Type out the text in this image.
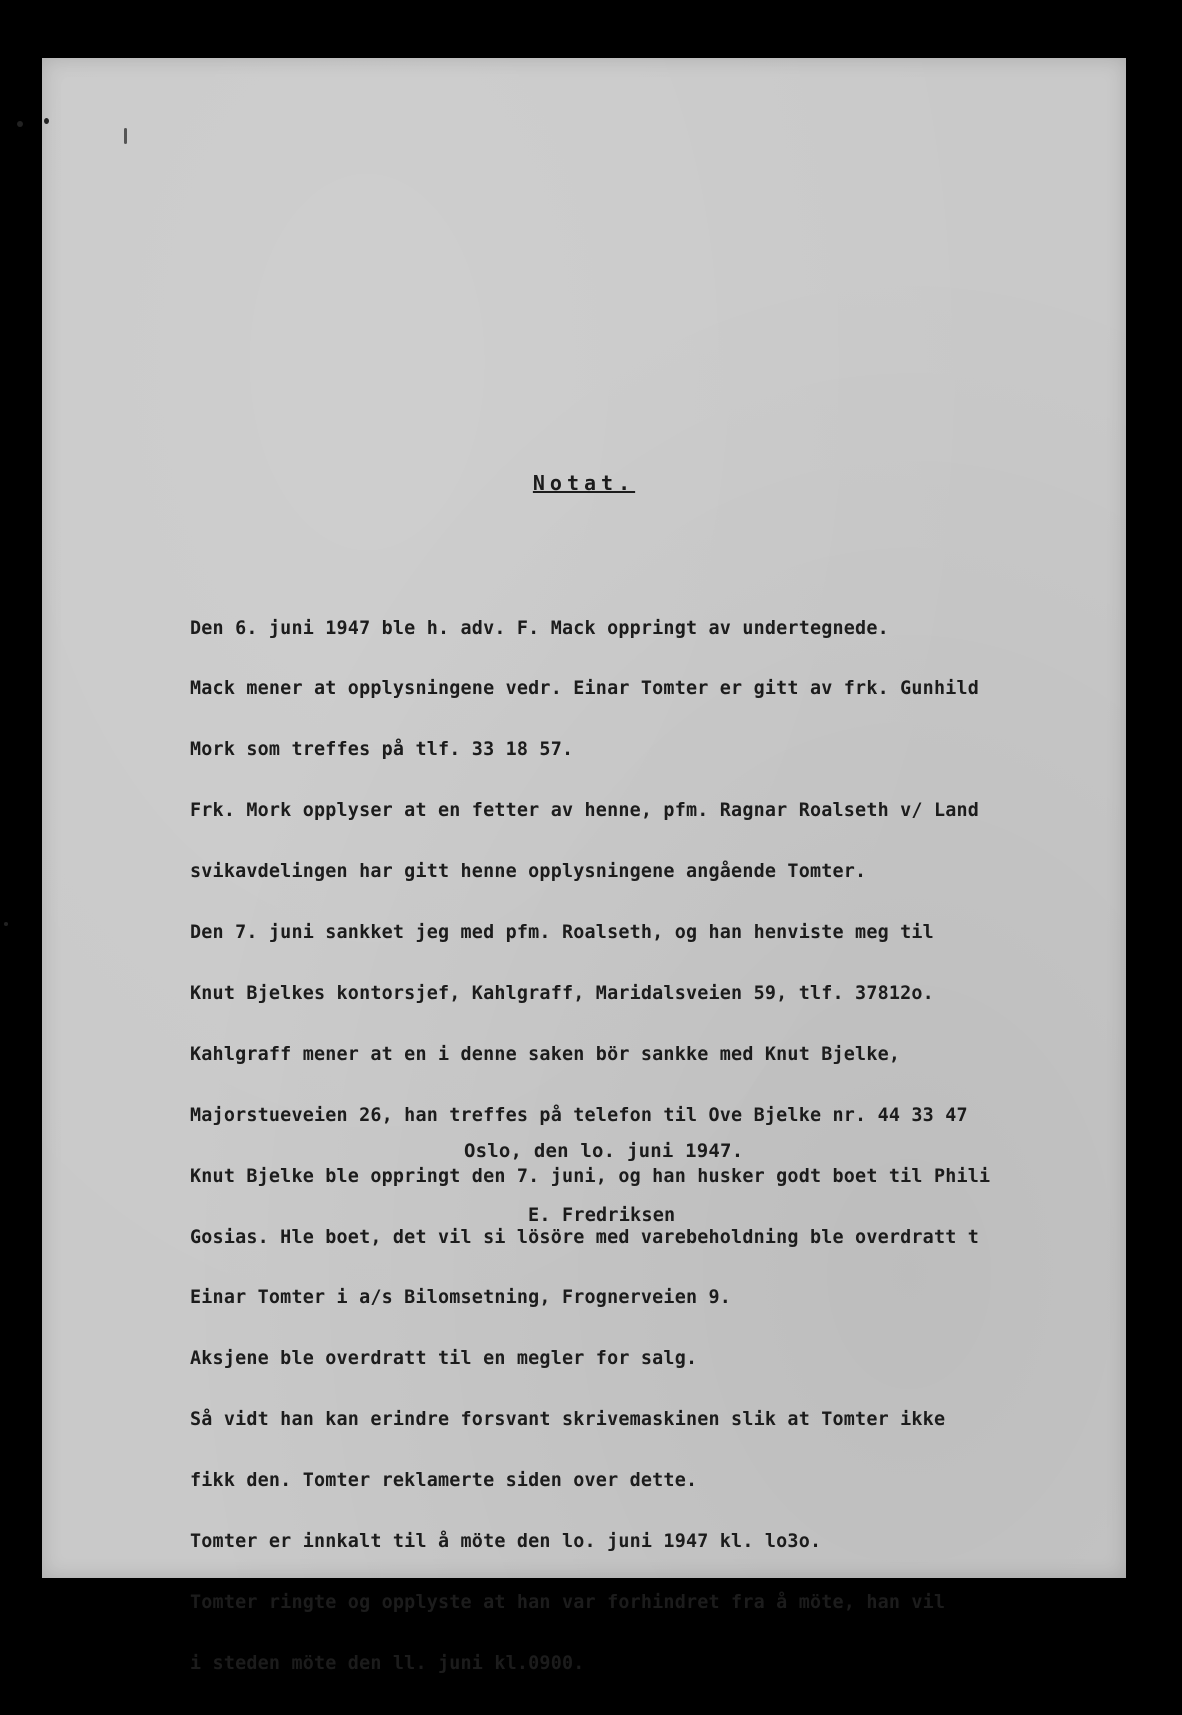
Notat.

Den 6. juni 1947 ble h. adv. F. Mack oppringt av undertegnede.

Mack mener at opplysningene vedr. Einar Tomter er gitt av frk. Gunhild

Mork som treffes på tlf. 33 18 57.

Frk. Mork opplyser at en fetter av henne, pfm. Ragnar Roalseth v/ Land

svikavdelingen har gitt henne opplysningene angående Tomter.

Den 7. juni sankket jeg med pfm. Roalseth, og han henviste meg til

Knut Bjelkes kontorsjef, Kahlgraff, Maridalsveien 59, tlf. 37812o.

Kahlgraff mener at en i denne saken bör sankke med Knut Bjelke,

Majorstueveien 26, han treffes på telefon til Ove Bjelke nr. 44 33 47

Knut Bjelke ble oppringt den 7. juni, og han husker godt boet til Phili

Gosias. Hle boet, det vil si lösöre med varebeholdning ble overdratt t

Einar Tomter i a/s Bilomsetning, Frognerveien 9.

Aksjene ble overdratt til en megler for salg.

Så vidt han kan erindre forsvant skrivemaskinen slik at Tomter ikke

fikk den. Tomter reklamerte siden over dette.

Tomter er innkalt til å möte den lo. juni 1947 kl. lo3o.

Tomter ringte og opplyste at han var forhindret fra å möte, han vil

i steden möte den ll. juni kl.0900.

Oslo, den lo. juni 1947.
E. Fredriksen
